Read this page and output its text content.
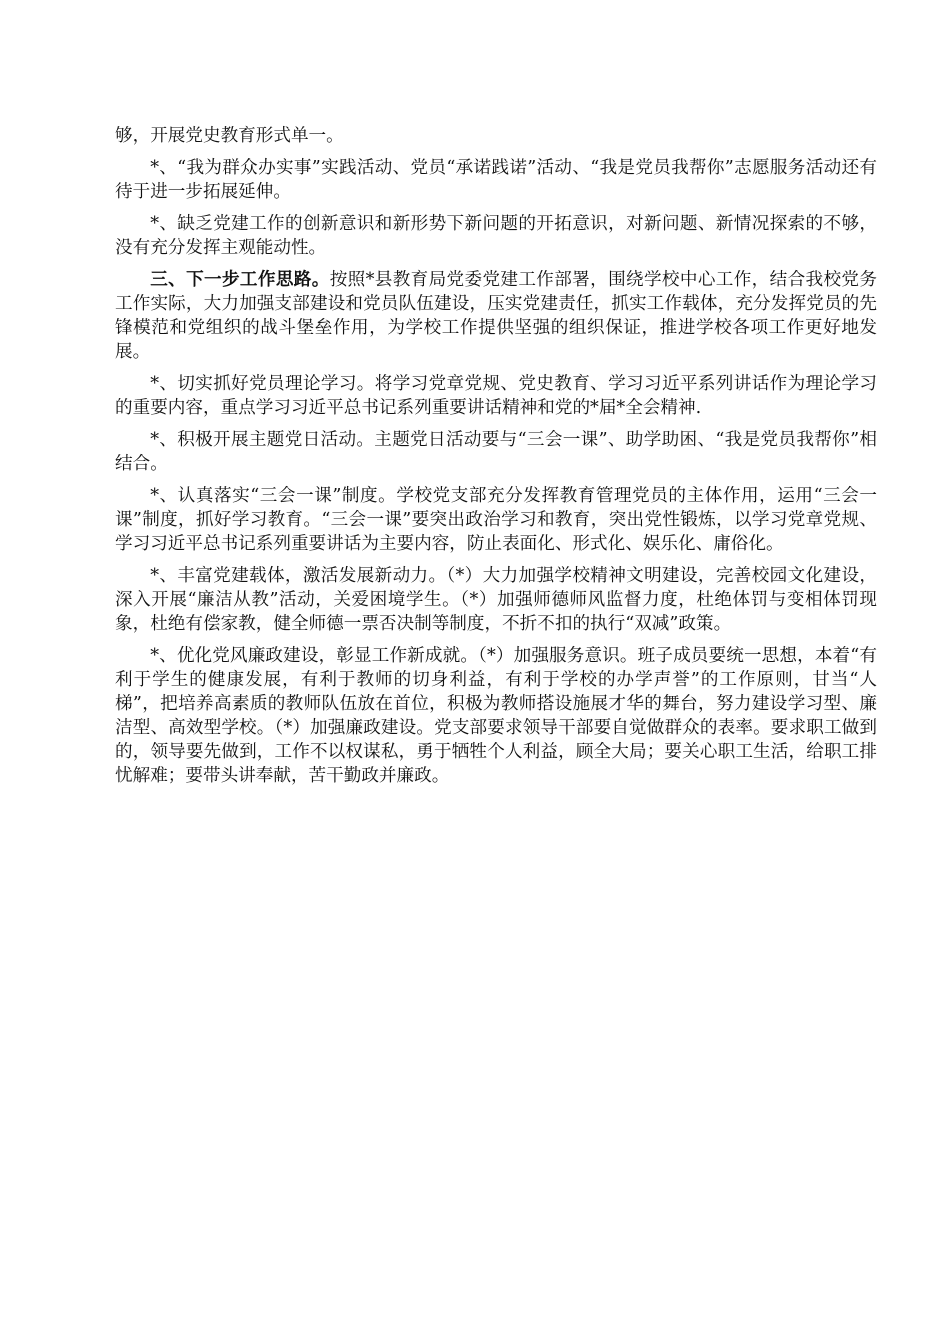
够，开展党史教育形式单一。

*、“我为群众办实事”实践活动、党员“承诺践诺”活动、“我是党员我帮你”志愿服务活动还有待于进一步拓展延伸。

*、缺乏党建工作的创新意识和新形势下新问题的开拓意识，对新问题、新情况探索的不够，没有充分发挥主观能动性。

三、下一步工作思路。按照*县教育局党委党建工作部署，围绕学校中心工作，结合我校党务工作实际，大力加强支部建设和党员队伍建设，压实党建责任，抓实工作载体，充分发挥党员的先锋模范和党组织的战斗堡垒作用，为学校工作提供坚强的组织保证，推进学校各项工作更好地发展。

*、切实抓好党员理论学习。将学习党章党规、党史教育、学习习近平系列讲话作为理论学习的重要内容，重点学习习近平总书记系列重要讲话精神和党的*届*全会精神.

*、积极开展主题党日活动。主题党日活动要与“三会一课”、助学助困、“我是党员我帮你”相结合。

*、认真落实“三会一课”制度。学校党支部充分发挥教育管理党员的主体作用，运用“三会一课”制度，抓好学习教育。“三会一课”要突出政治学习和教育，突出党性锻炼，以学习党章党规、学习习近平总书记系列重要讲话为主要内容，防止表面化、形式化、娱乐化、庸俗化。

*、丰富党建载体，激活发展新动力。（*）大力加强学校精神文明建设，完善校园文化建设，深入开展“廉洁从教”活动，关爱困境学生。（*）加强师德师风监督力度，杜绝体罚与变相体罚现象，杜绝有偿家教，健全师德一票否决制等制度，不折不扣的执行“双减”政策。

*、优化党风廉政建设，彰显工作新成就。（*）加强服务意识。班子成员要统一思想，本着“有利于学生的健康发展，有利于教师的切身利益，有利于学校的办学声誉”的工作原则，甘当“人梯”，把培养高素质的教师队伍放在首位，积极为教师搭设施展才华的舞台，努力建设学习型、廉洁型、高效型学校。（*）加强廉政建设。党支部要求领导干部要自觉做群众的表率。要求职工做到的，领导要先做到，工作不以权谋私，勇于牺牲个人利益，顾全大局；要关心职工生活，给职工排忧解难；要带头讲奉献，苦干勤政并廉政。
